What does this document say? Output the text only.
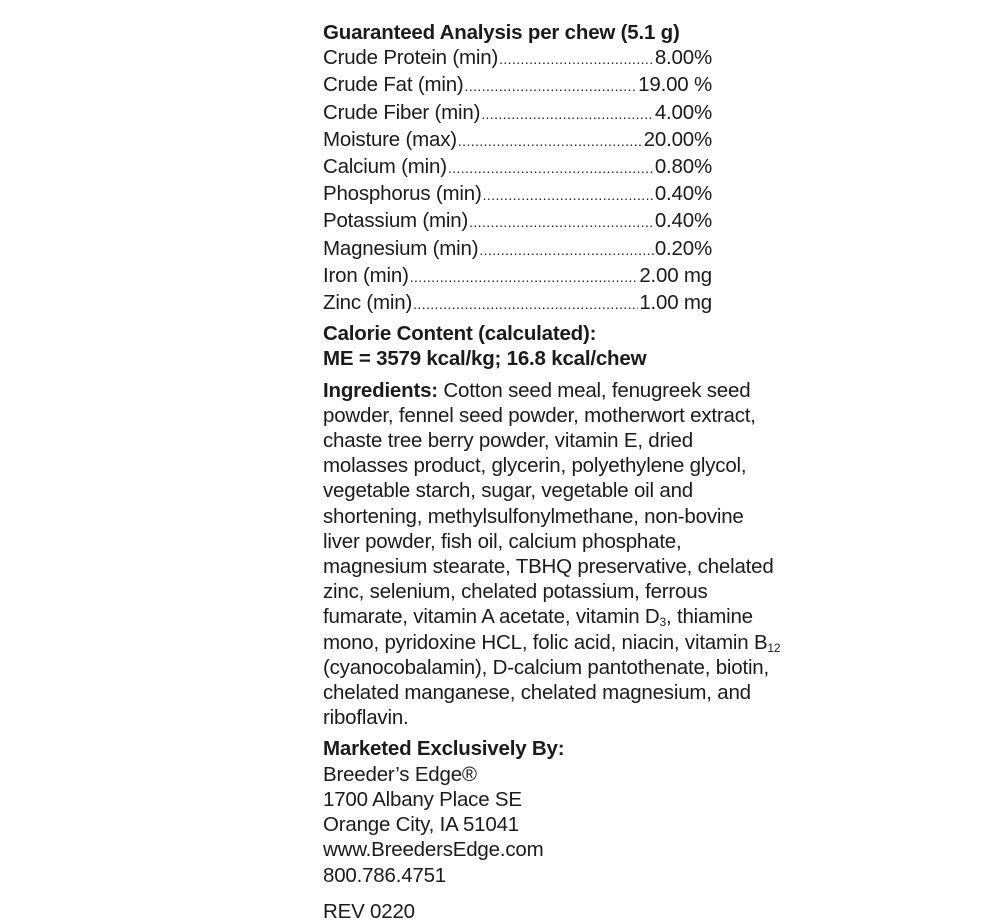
Guaranteed Analysis per chew (5.1 g)
Crude Protein (min) .....	8.00%
Crude Fat (min) .....	19.00 %
Crude Fiber (min) .....	4.00%
Moisture (max) .....	20.00%
Calcium (min) .....	0.80%
Phosphorus (min) .....	0.40%
Potassium (min) .....	0.40%
Magnesium (min) .....	0.20%
Iron (min) .....	2.00 mg
Zinc (min) .....	1.00 mg
Calorie Content (calculated):
ME = 3579 kcal/kg; 16.8 kcal/chew
Ingredients: Cotton seed meal, fenugreek seed powder, fennel seed powder, motherwort extract, chaste tree berry powder, vitamin E, dried molasses product, glycerin, polyethylene glycol, vegetable starch, sugar, vegetable oil and shortening, methylsulfonylmethane, non-bovine liver powder, fish oil, calcium phosphate, magnesium stearate, TBHQ preservative, chelated zinc, selenium, chelated potassium, ferrous fumarate, vitamin A acetate, vitamin $D_3$, thiamine mono, pyridoxine HCL, folic acid, niacin, vitamin $B_{12}$ (cyanocobalamin), D-calcium pantothenate, biotin, chelated manganese, chelated magnesium, and riboflavin.
Marketed Exclusively By:
Breeder’s Edge®
1700 Albany Place SE
Orange City, IA 51041
www.BreedersEdge.com
800.786.4751
REV 0220
